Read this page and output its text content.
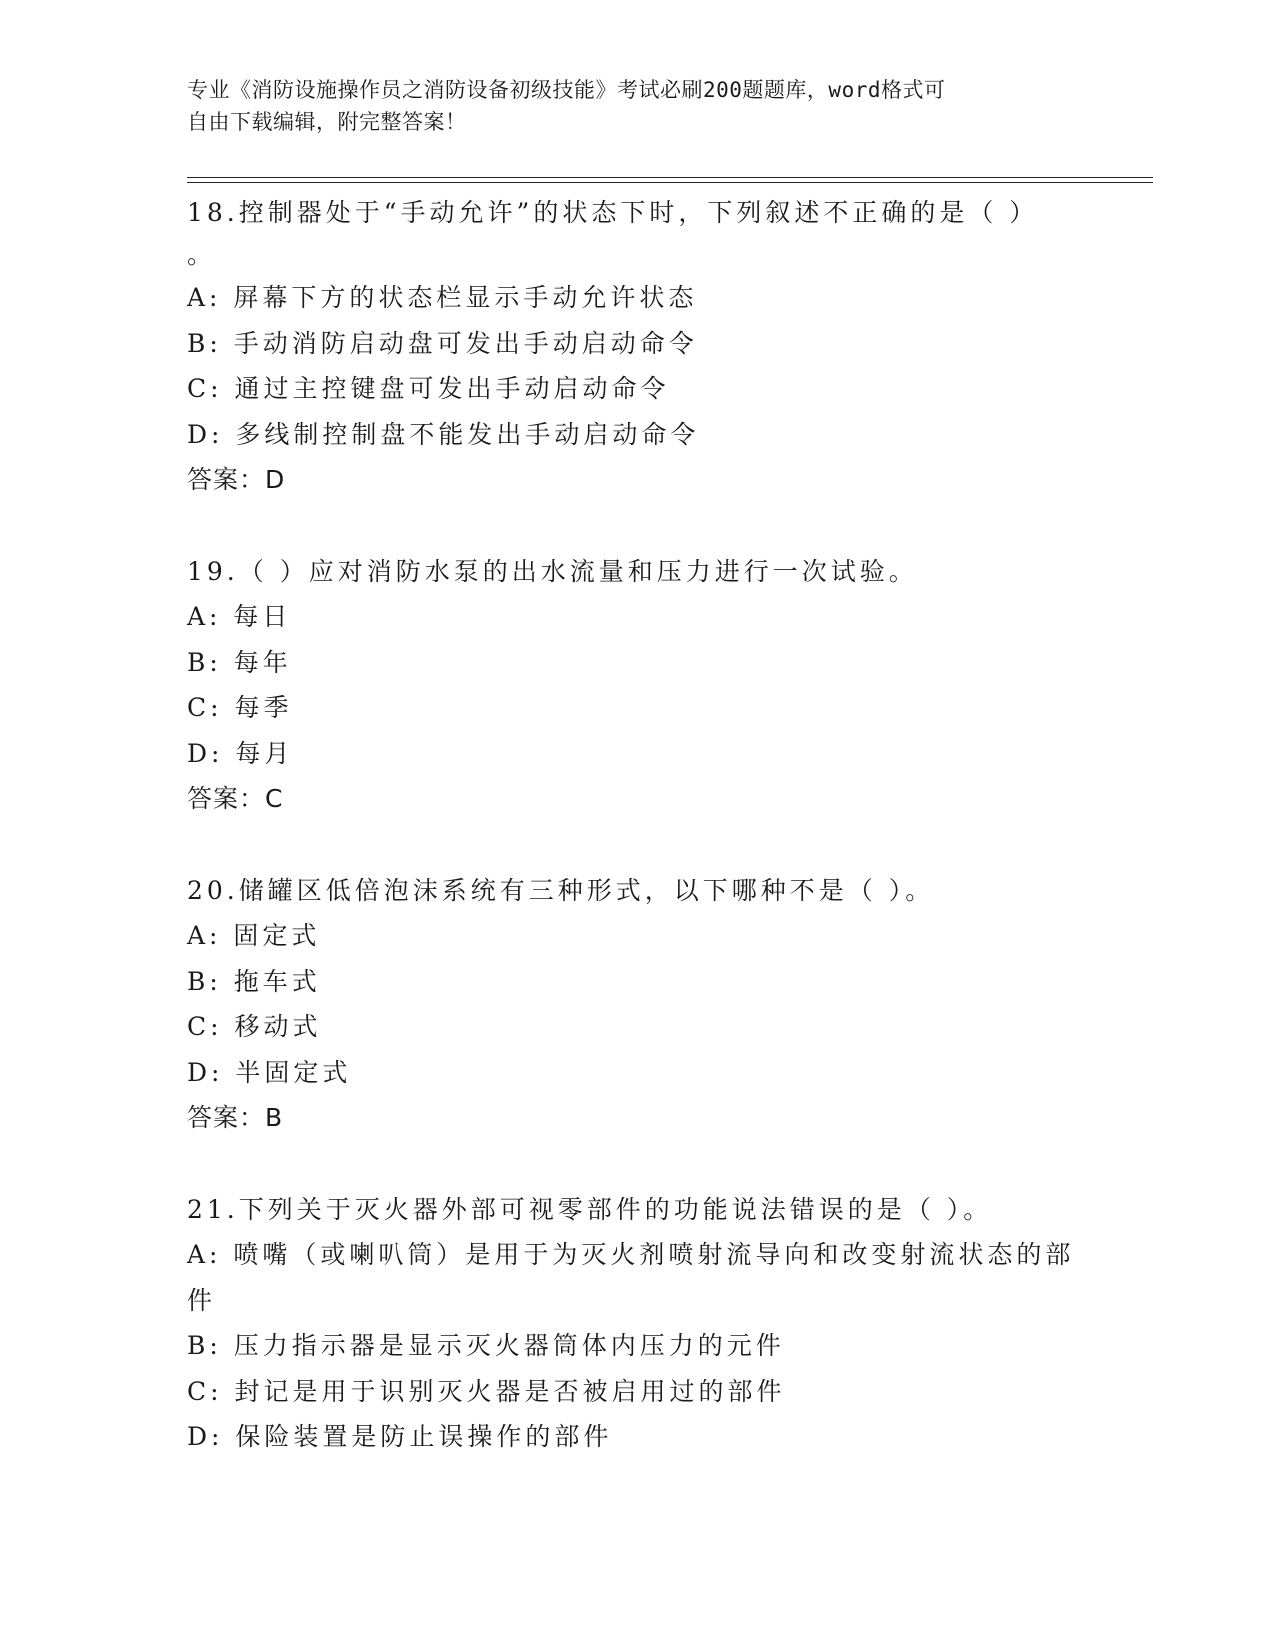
专业《消防设施操作员之消防设备初级技能》考试必刷200题题库，word格式可
自由下载编辑，附完整答案！
18.控制器处于“手动允许”的状态下时，下列叙述不正确的是（ ）
。
A: 屏幕下方的状态栏显示手动允许状态
B: 手动消防启动盘可发出手动启动命令
C: 通过主控键盘可发出手动启动命令
D: 多线制控制盘不能发出手动启动命令
答案：D
19.（ ）应对消防水泵的出水流量和压力进行一次试验。
A: 每日
B: 每年
C: 每季
D: 每月
答案：C
20.储罐区低倍泡沫系统有三种形式，以下哪种不是（ ）。
A: 固定式
B: 拖车式
C: 移动式
D: 半固定式
答案：B
21.下列关于灭火器外部可视零部件的功能说法错误的是（ ）。
A: 喷嘴（或喇叭筒）是用于为灭火剂喷射流导向和改变射流状态的部
件
B: 压力指示器是显示灭火器筒体内压力的元件
C: 封记是用于识别灭火器是否被启用过的部件
D: 保险装置是防止误操作的部件
